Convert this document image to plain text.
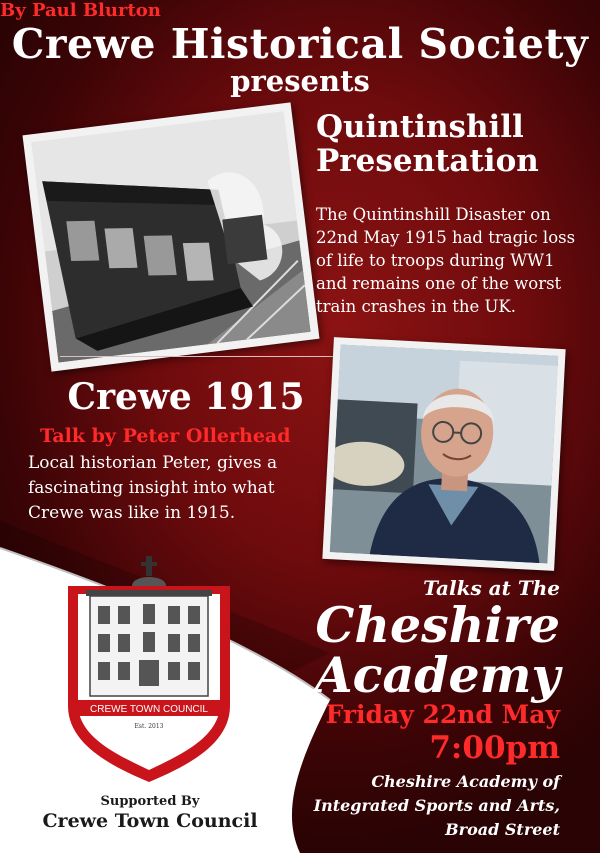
Crewe Historical Society
presents
Quintinshill
Presentation
By Paul Blurton

The Quintinshill Disaster on 22nd May 1915 had tragic loss of life to troops during WW1 and remains one of the worst train crashes in the UK.

Crewe 1915
Talk by Peter Ollerhead

Local historian Peter, gives a fascinating insight into what Crewe was like in 1915.

CREWE TOWN COUNCIL
Est. 2013
Supported By
Crewe Town Council
Talks at The
Cheshire
Academy
Friday 22nd May
7:00pm
Cheshire Academy of
Integrated Sports and Arts,
Broad Street
